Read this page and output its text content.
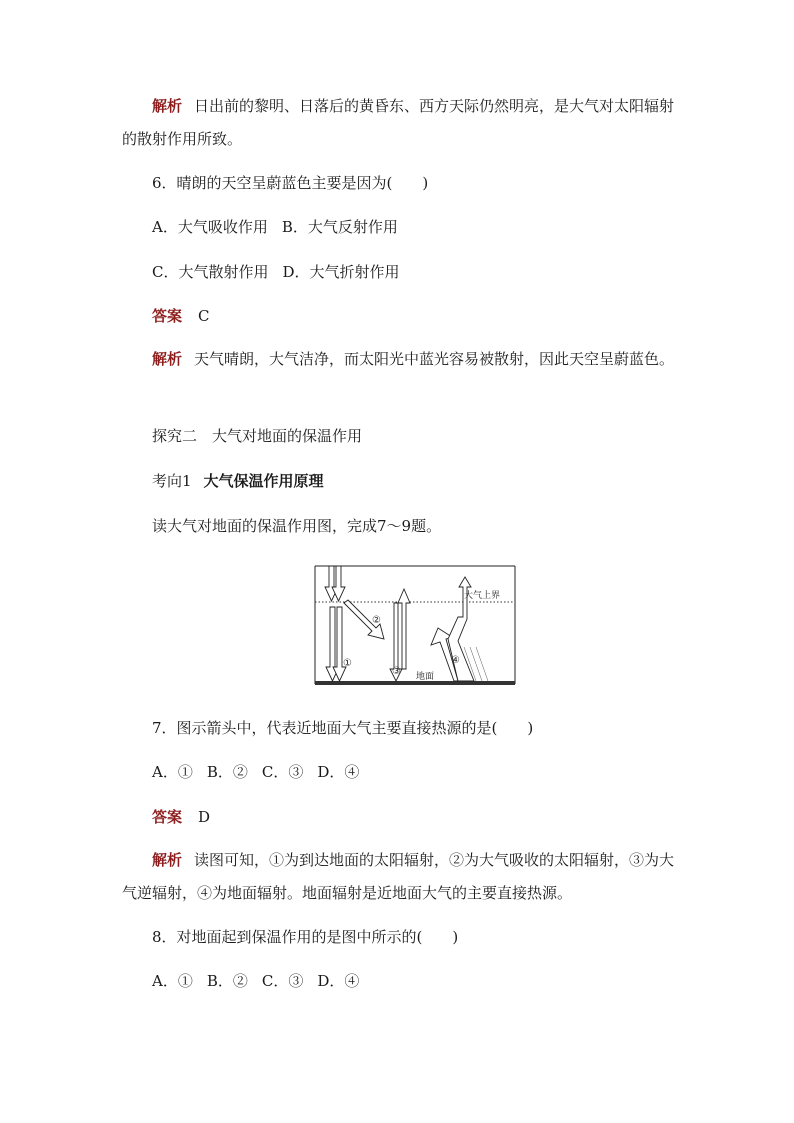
解析 日出前的黎明、日落后的黄昏东、西方天际仍然明亮，是大气对太阳辐射的散射作用所致。
6．晴朗的天空呈蔚蓝色主要是因为(　　)
A．大气吸收作用 B．大气反射作用
C．大气散射作用 D．大气折射作用
答案 C
解析 天气晴朗，大气洁净，而太阳光中蓝光容易被散射，因此天空呈蔚蓝色。
探究二　大气对地面的保温作用
考向1 大气保温作用原理
读大气对地面的保温作用图，完成7～9题。
大气上界
地面
①
②
③
④
7．图示箭头中，代表近地面大气主要直接热源的是(　　)
A．① B．② C．③ D．④
答案 D
解析 读图可知，①为到达地面的太阳辐射，②为大气吸收的太阳辐射，③为大气逆辐射，④为地面辐射。地面辐射是近地面大气的主要直接热源。
8．对地面起到保温作用的是图中所示的(　　)
A．① B．② C．③ D．④
